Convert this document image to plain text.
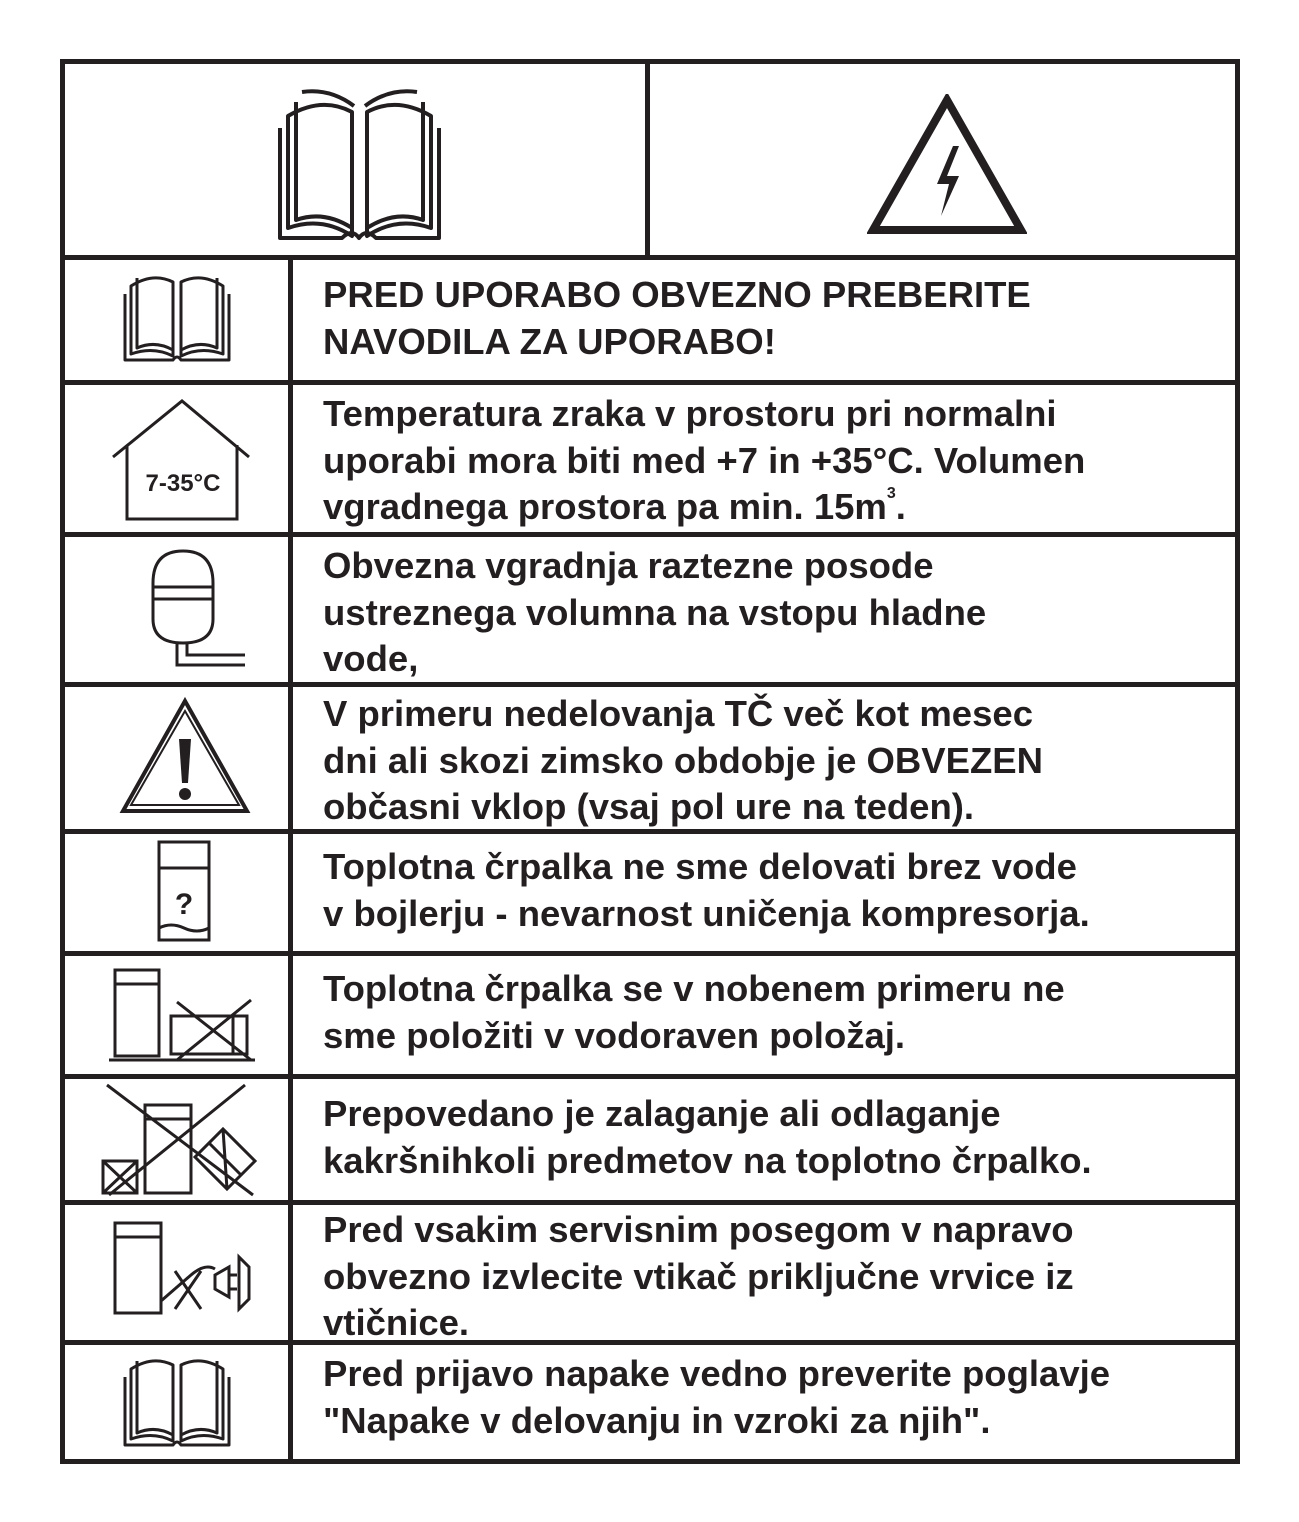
PRED UPORABO OBVEZNO PREBERITE
NAVODILA ZA UPORABO!
7-35°C
Temperatura zraka v prostoru pri normalni
uporabi mora biti med +7 in +35°C. Volumen
vgradnega prostora pa min. $15m^3$.
Obvezna vgradnja raztezne posode
ustreznega volumna na vstopu hladne
vode,
V primeru nedelovanja TČ več kot mesec
dni ali skozi zimsko obdobje je OBVEZEN
občasni vklop (vsaj pol ure na teden).
?
Toplotna črpalka ne sme delovati brez vode
v bojlerju - nevarnost uničenja kompresorja.
Toplotna črpalka se v nobenem primeru ne
sme položiti v vodoraven položaj.
Prepovedano je zalaganje ali odlaganje
kakršnihkoli predmetov na toplotno črpalko.
Pred vsakim servisnim posegom v napravo
obvezno izvlecite vtikač priključne vrvice iz
vtičnice.
Pred prijavo napake vedno preverite poglavje
"Napake v delovanju in vzroki za njih".
